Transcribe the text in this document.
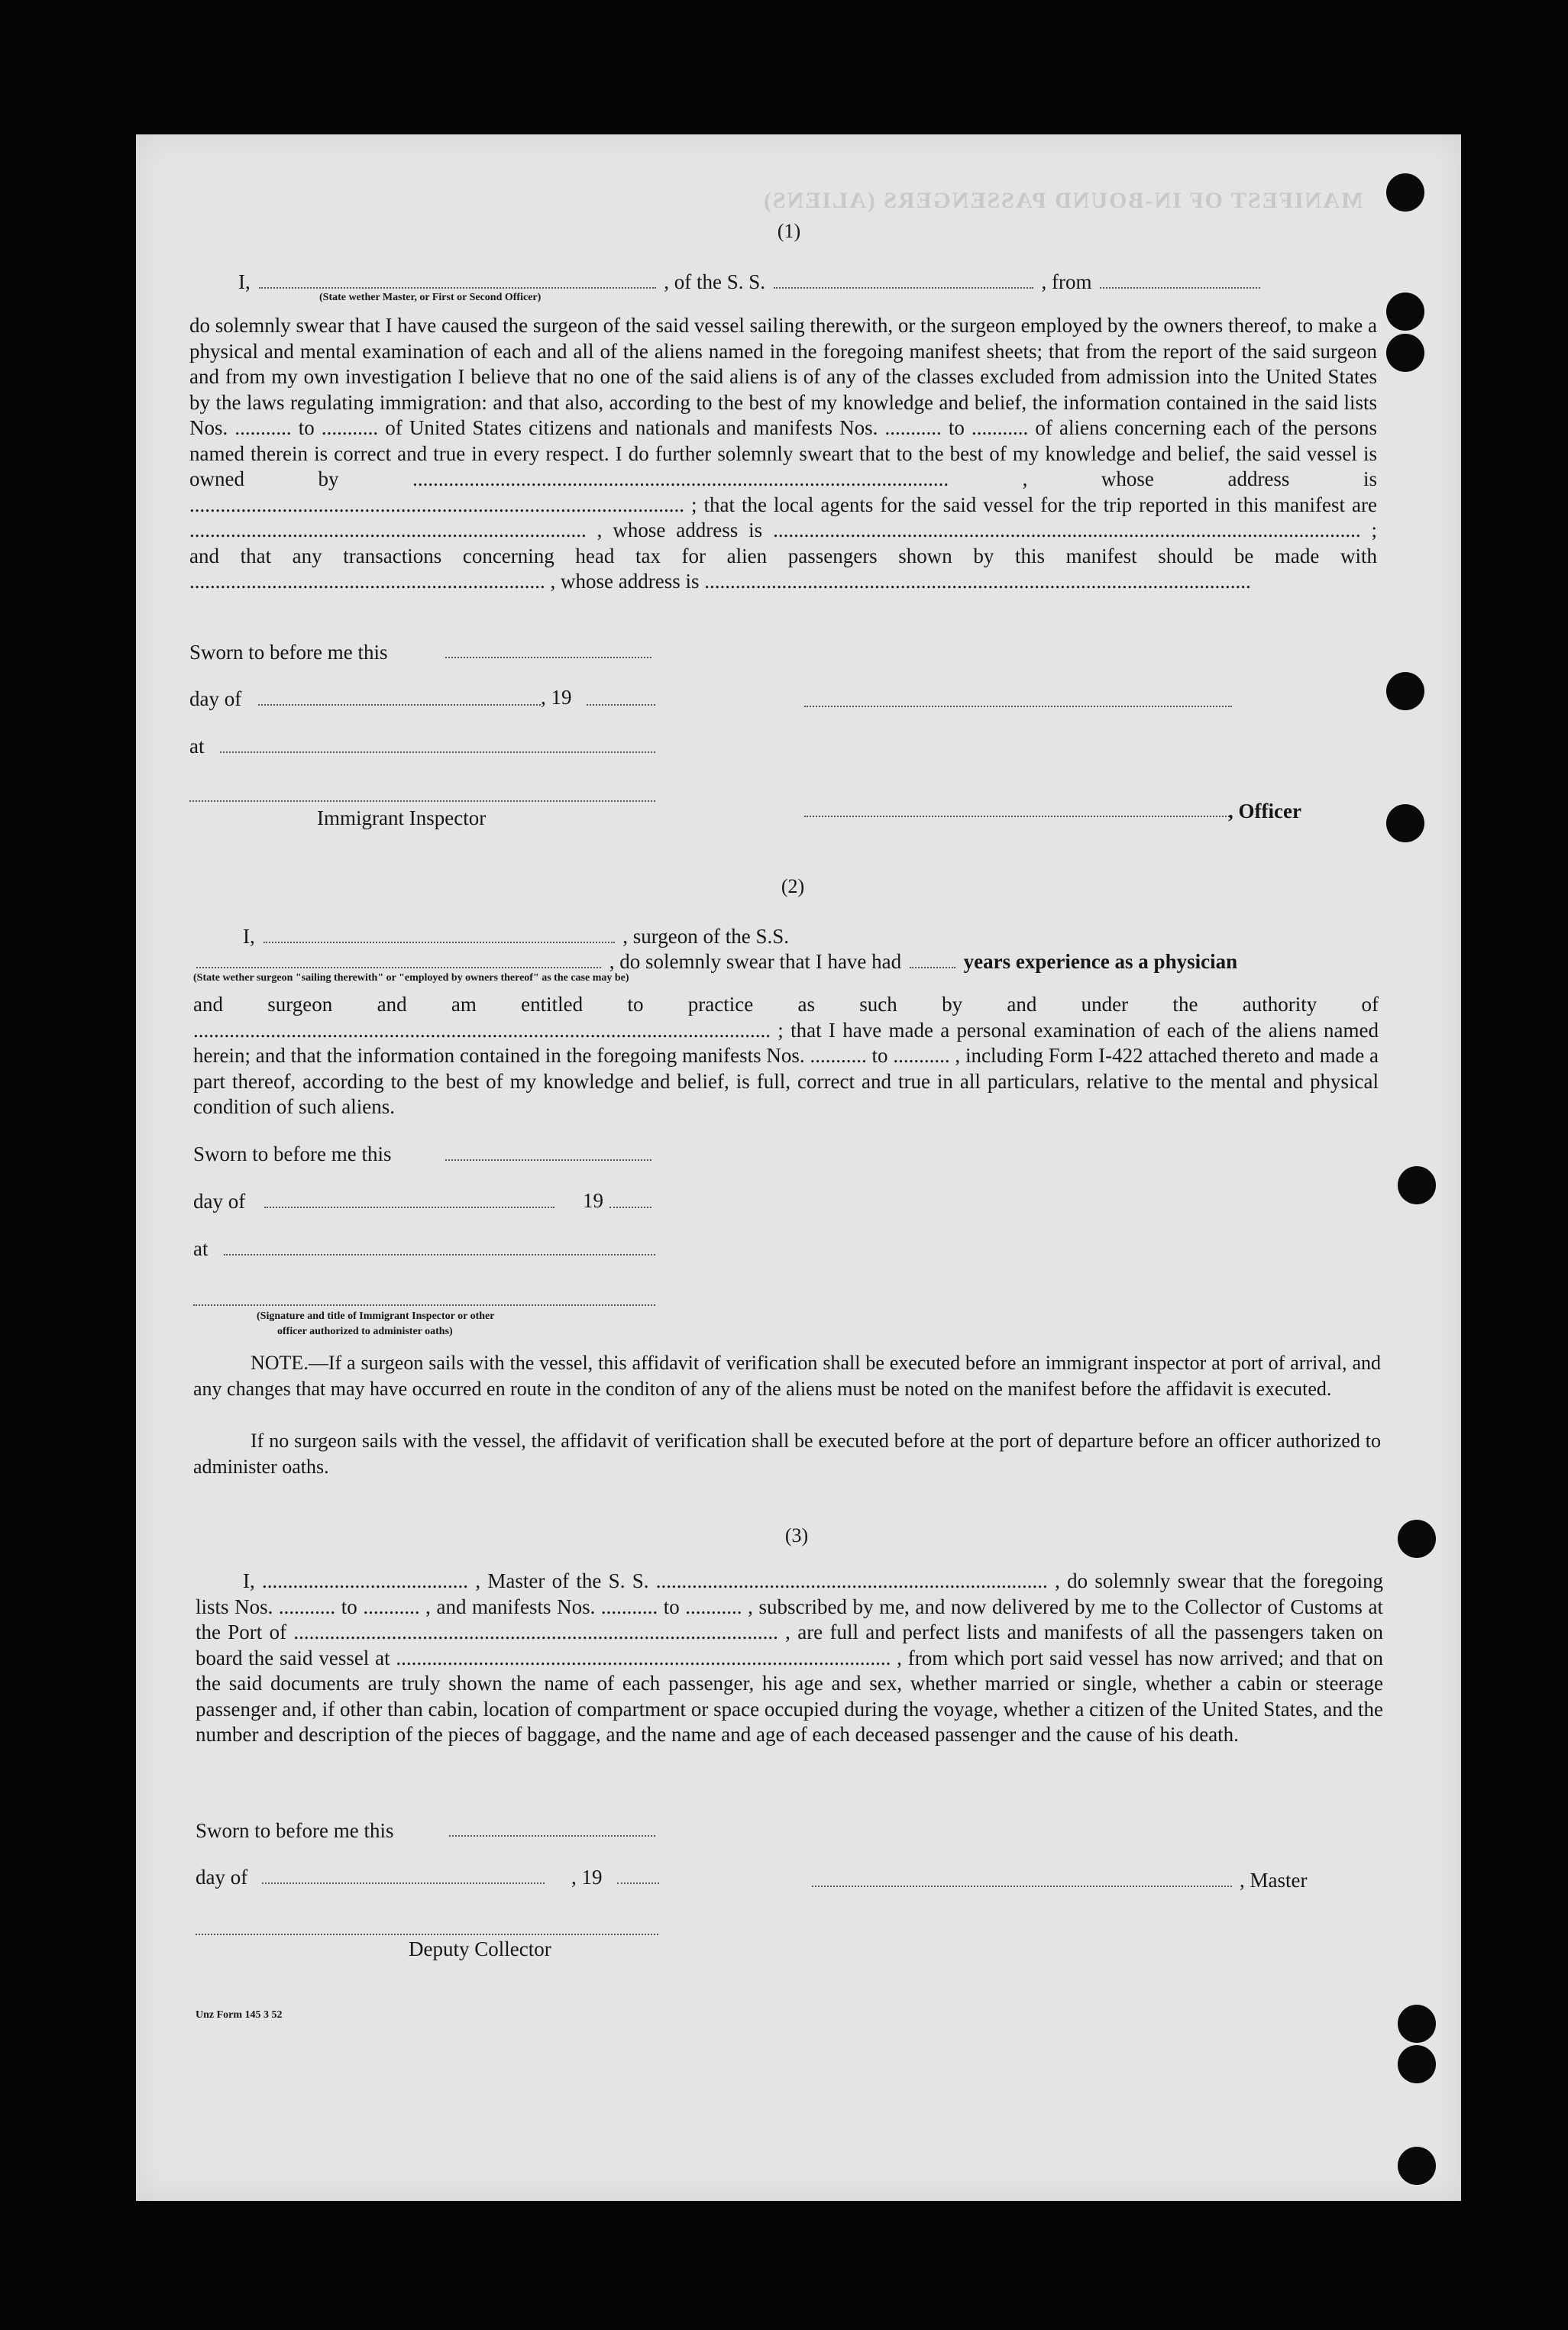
MANIFEST OF IN-BOUND PASSENGERS (ALIENS)
(1)
I,	, of the S. S.	, from
(State wether Master, or First or Second Officer)
do solemnly swear that I have caused the surgeon of the said vessel sailing therewith, or the surgeon employed by the owners thereof, to make a physical and mental examination of each and all of the aliens named in the foregoing manifest sheets; that from the report of the said surgeon and from my own investigation I believe that no one of the said aliens is of any of the classes excluded from admission into the United States by the laws regulating immigration: and that also, according to the best of my knowledge and belief, the information contained in the said lists Nos. ........... to ........... of United States citizens and nationals and manifests Nos. ........... to ........... of aliens concerning each of the persons named therein is correct and true in every respect. I do further solemnly sweart that to the best of my knowledge and belief, the said vessel is owned by ........................................................................................................ , whose address is ................................................................................................ ; that the local agents for the said vessel for the trip reported in this manifest are ............................................................................. , whose address is .................................................................................................................. ; and that any transactions concerning head tax for alien passengers shown by this manifest should be made with ..................................................................... , whose address is ..........................................................................................................
Sworn to before me this
day of	, 19
at
Immigrant Inspector	, Officer
(2)
I,	, surgeon of the S.S.
, do solemnly swear that I have had	years experience as a physician
(State wether surgeon "sailing therewith" or "employed by owners thereof" as the case may be)
and surgeon and am entitled to practice as such by and under the authority of ................................................................................................................ ; that I have made a personal examination of each of the aliens named herein; and that the information contained in the foregoing manifests Nos. ........... to ........... , including Form I-422 attached thereto and made a part thereof, according to the best of my knowledge and belief, is full, correct and true in all particulars, relative to the mental and physical condition of such aliens.
Sworn to before me this
day of	19
at
(Signature and title of Immigrant Inspector or other
officer authorized to administer oaths)
NOTE.—If a surgeon sails with the vessel, this affidavit of verification shall be executed before an immigrant inspector at port of arrival, and any changes that may have occurred en route in the conditon of any of the aliens must be noted on the manifest before the affidavit is executed.
If no surgeon sails with the vessel, the affidavit of verification shall be executed before at the port of departure before an officer authorized to administer oaths.
(3)
I, ........................................ , Master of the S. S. ............................................................................ , do solemnly swear that the foregoing lists Nos. ........... to ........... , and manifests Nos. ........... to ........... , subscribed by me, and now delivered by me to the Collector of Customs at the Port of .............................................................................................. , are full and perfect lists and manifests of all the passengers taken on board the said vessel at ................................................................................................ , from which port said vessel has now arrived; and that on the said documents are truly shown the name of each passenger, his age and sex, whether married or single, whether a cabin or steerage passenger and, if other than cabin, location of compartment or space occupied during the voyage, whether a citizen of the United States, and the number and description of the pieces of baggage, and the name and age of each deceased passenger and the cause of his death.
Sworn to before me this
day of	, 19	, Master
Deputy Collector
Unz Form 145 3 52
